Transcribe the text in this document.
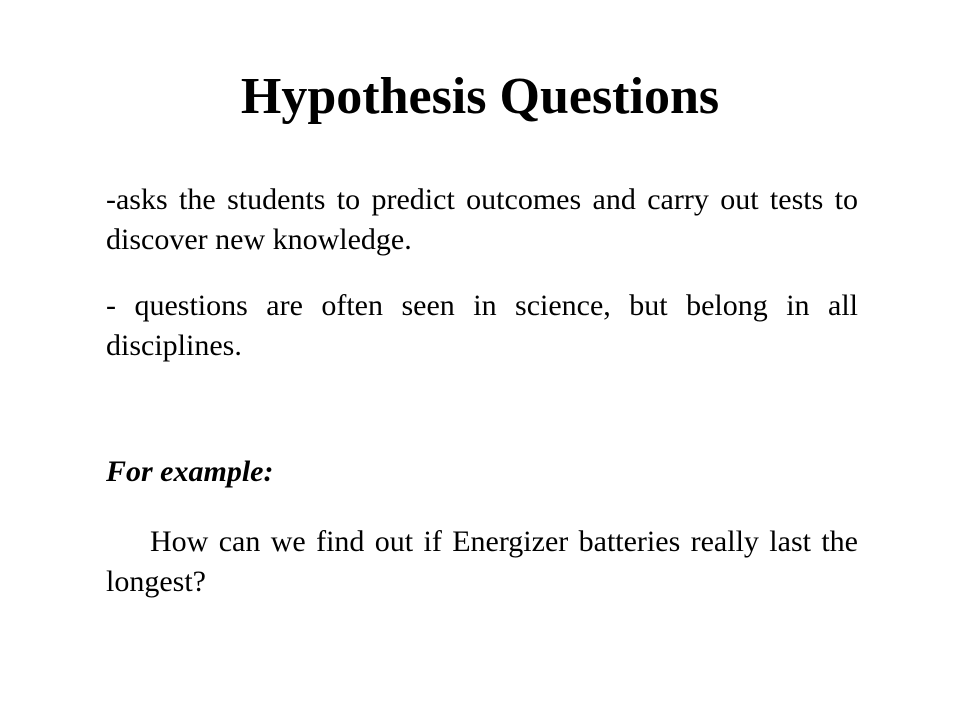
Hypothesis Questions

-asks the students to predict outcomes and carry out tests to discover new knowledge.

- questions are often seen in science, but belong in all disciplines.

For example:

How can we find out if Energizer batteries really last the longest?
